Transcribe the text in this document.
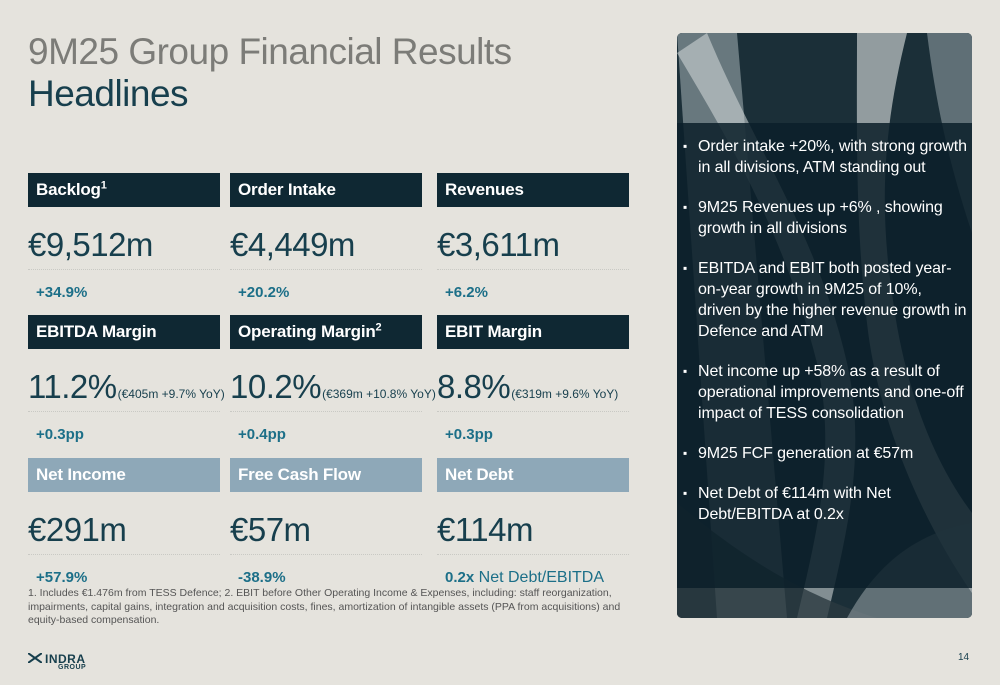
9M25 Group Financial Results
Headlines
Backlog$^1$
€9,512m
+34.9%
Order Intake
€4,449m
+20.2%
Revenues
€3,611m
+6.2%
EBITDA Margin
11.2%(€405m +9.7% YoY)
+0.3pp
Operating Margin$^2$
10.2%(€369m +10.8% YoY)
+0.4pp
EBIT Margin
8.8%(€319m +9.6% YoY)
+0.3pp
Net Income
€291m
+57.9%
Free Cash Flow
€57m
-38.9%
Net Debt
€114m
0.2x Net Debt/EBITDA
1. Includes €1.476m from TESS Defence; 2. EBIT before Other Operating Income & Expenses, including: staff reorganization, impairments, capital gains, integration and acquisition costs, fines, amortization of intangible assets (PPA from acquisitions) and equity-based compensation.
▪ Order intake +20%, with strong growth in all divisions, ATM standing out
▪ 9M25 Revenues up +6% , showing growth in all divisions
▪ EBITDA and EBIT both posted year-on-year growth in 9M25 of 10%, driven by the higher revenue growth in Defence and ATM
▪ Net income up +58% as a result of operational improvements and one-off impact of TESS consolidation
▪ 9M25 FCF generation at €57m
▪ Net Debt of €114m with Net Debt/EBITDA at 0.2x
INDRA
GROUP
14
